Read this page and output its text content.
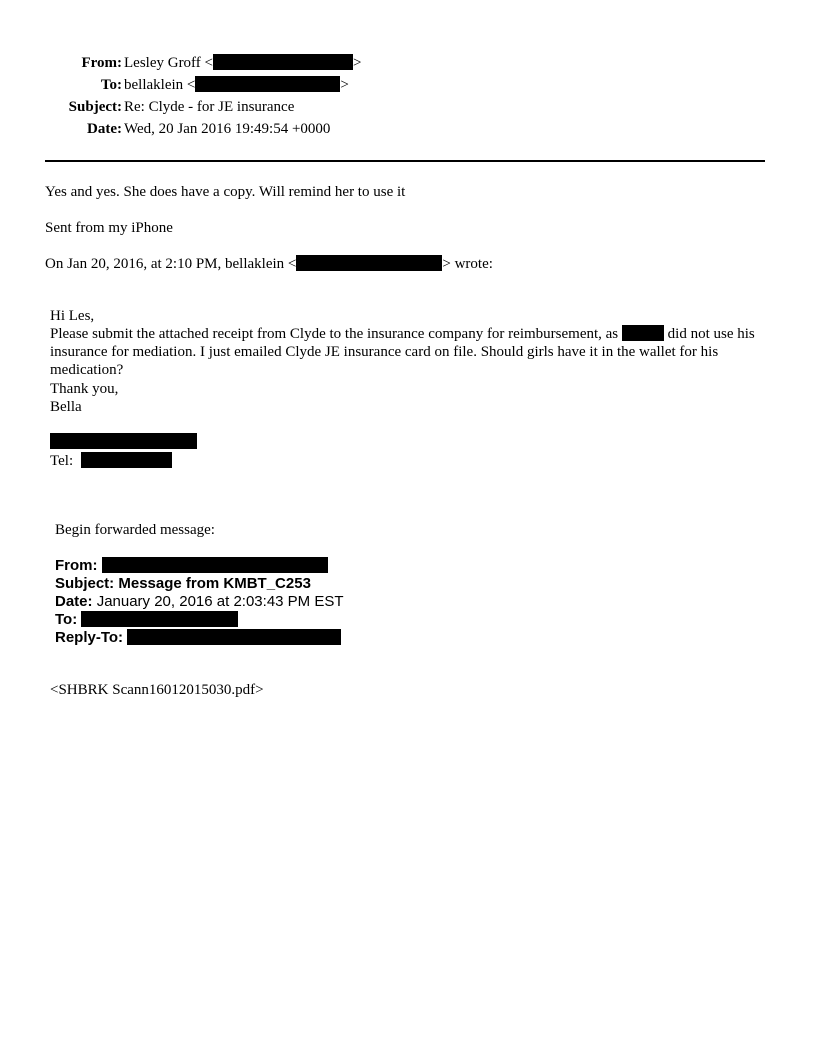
From: Lesley Groff <	>
To: bellaklein <	>
Subject: Re: Clyde - for JE insurance
Date: Wed, 20 Jan 2016 19:49:54 +0000
Yes and yes. She does have a copy. Will remind her to use it
Sent from my iPhone
On Jan 20, 2016, at 2:10 PM, bellaklein <	> wrote:
Hi Les,
Please submit the attached receipt from Clyde to the insurance company for reimbursement, as	did not use his insurance for mediation. I just emailed Clyde JE insurance card on file. Should girls have it in the wallet for his medication?
Thank you,
Bella
Tel:
Begin forwarded message:
From:
Subject: Message from KMBT_C253
Date: January 20, 2016 at 2:03:43 PM EST
To:
Reply-To:
<SHBRK Scann16012015030.pdf>
